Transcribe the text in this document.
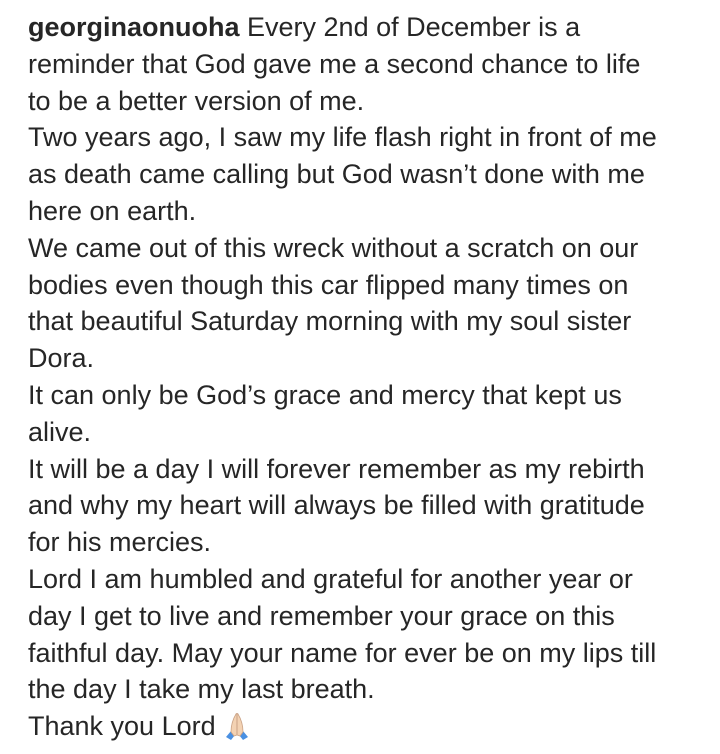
georginaonuoha Every 2nd of December is a
reminder that God gave me a second chance to life
to be a better version of me.
Two years ago, I saw my life flash right in front of me
as death came calling but God wasn’t done with me
here on earth.
We came out of this wreck without a scratch on our
bodies even though this car flipped many times on
that beautiful Saturday morning with my soul sister
Dora.
It can only be God’s grace and mercy that kept us
alive.
It will be a day I will forever remember as my rebirth
and why my heart will always be filled with gratitude
for his mercies.
Lord I am humbled and grateful for another year or
day I get to live and remember your grace on this
faithful day. May your name for ever be on my lips till
the day I take my last breath.
Thank you Lord
